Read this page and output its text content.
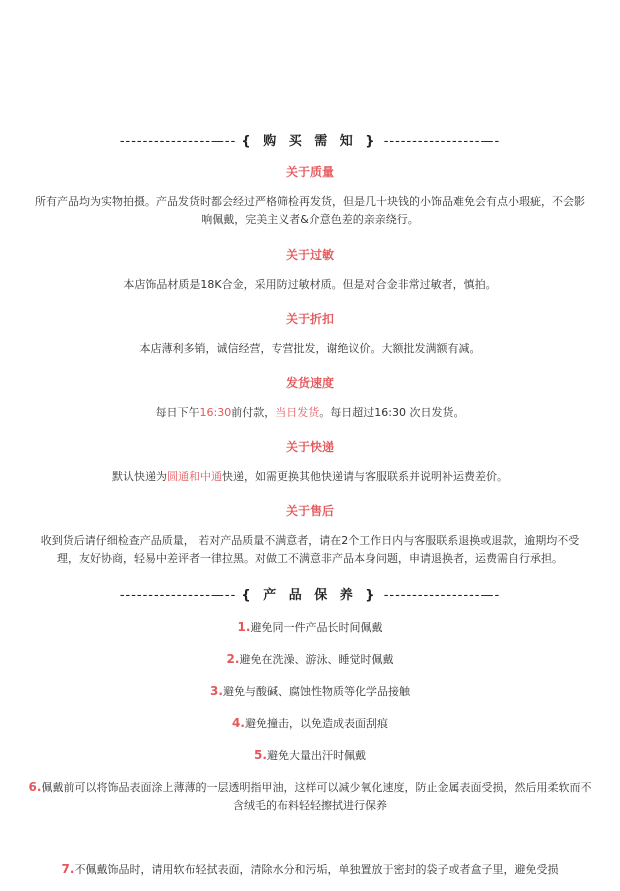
----------------—-- { 购 买 需 知 } -----------------—-
关于质量
所有产品均为实物拍摄。产品发货时都会经过严格筛检再发货，但是几十块钱的小饰品难免会有点小瑕疵，不会影
响佩戴，完美主义者&介意色差的亲亲绕行。
关于过敏
本店饰品材质是18K合金，采用防过敏材质。但是对合金非常过敏者，慎拍。
关于折扣
本店薄利多销，诚信经营，专营批发，谢绝议价。大额批发满额有减。
发货速度
每日下午16:30前付款，当日发货。每日超过16:30 次日发货。
关于快递
默认快递为圆通和中通快递，如需更换其他快递请与客服联系并说明补运费差价。
关于售后
收到货后请仔细检查产品质量， 若对产品质量不满意者，请在2个工作日内与客服联系退换或退款，逾期均不受
理，友好协商，轻易中差评者一律拉黑。对做工不满意非产品本身问题，申请退换者，运费需自行承担。
----------------—-- { 产 品 保 养 } -----------------—-
1.避免同一件产品长时间佩戴
2.避免在洗澡、游泳、睡觉时佩戴
3.避免与酸碱、腐蚀性物质等化学品接触
4.避免撞击，以免造成表面刮痕
5.避免大量出汗时佩戴
6.佩戴前可以将饰品表面涂上薄薄的一层透明指甲油，这样可以减少氧化速度，防止金属表面受损，然后用柔软而不
含绒毛的布料轻轻擦拭进行保养
7.不佩戴饰品时，请用软布轻拭表面，清除水分和污垢，单独置放于密封的袋子或者盒子里，避免受损
